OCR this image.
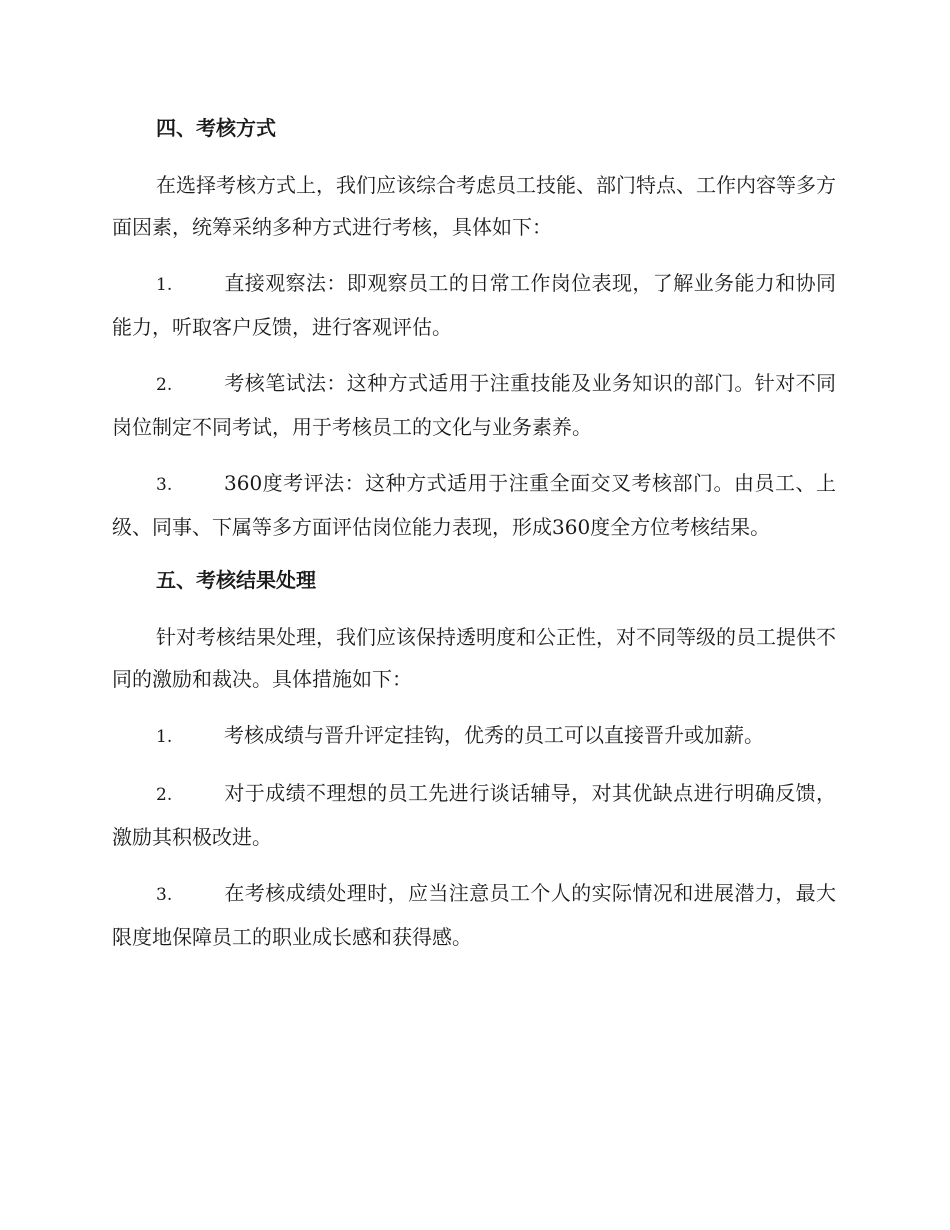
四、考核方式

在选择考核方式上，我们应该综合考虑员工技能、部门特点、工作内容等多方面因素，统筹采纳多种方式进行考核，具体如下：

1.	直接观察法：即观察员工的日常工作岗位表现，了解业务能力和协同能力，听取客户反馈，进行客观评估。
2.	考核笔试法：这种方式适用于注重技能及业务知识的部门。针对不同岗位制定不同考试，用于考核员工的文化与业务素养。
3.	360度考评法：这种方式适用于注重全面交叉考核部门。由员工、上级、同事、下属等多方面评估岗位能力表现，形成360度全方位考核结果。
五、考核结果处理

针对考核结果处理，我们应该保持透明度和公正性，对不同等级的员工提供不同的激励和裁决。具体措施如下：

1.	考核成绩与晋升评定挂钩，优秀的员工可以直接晋升或加薪。
2.	对于成绩不理想的员工先进行谈话辅导，对其优缺点进行明确反馈，激励其积极改进。
3.	在考核成绩处理时，应当注意员工个人的实际情况和进展潜力，最大限度地保障员工的职业成长感和获得感。
